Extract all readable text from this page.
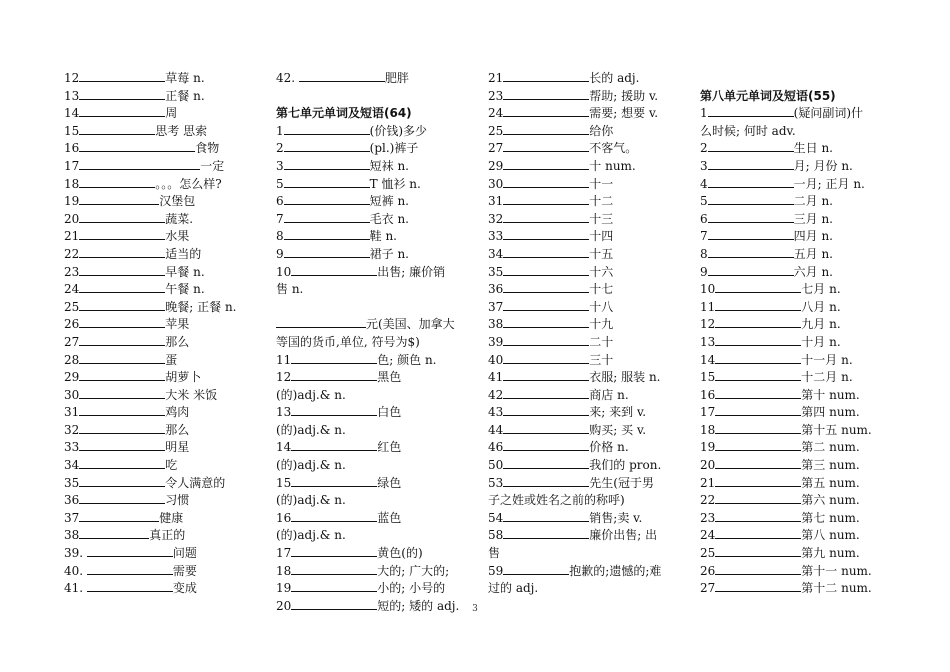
12	草莓 n.
13	正餐 n.
14	周
15	思考 思索
16	食物
17	一定
18	。。。怎么样?
19	汉堡包
20	蔬菜.
21	水果
22	适当的
23	早餐 n.
24	午餐 n.
25	晚餐; 正餐 n.
26	苹果
27	那么
28	蛋
29	胡萝卜
30	大米 米饭
31	鸡肉
32	那么
33	明星
34	吃
35	令人满意的
36	习惯
37	健康
38	真正的
39.	问题
40.	需要
41.	变成
42.	肥胖
第七单元单词及短语(64)
1	(价钱)多少
2	(pl.)裤子
3	短袜 n.
5	T 恤衫 n.
6	短裤 n.
7	毛衣 n.
8	鞋 n.
9	裙子 n.
10	出售; 廉价销
售 n.
元(美国、加拿大
等国的货币,单位, 符号为$)
11	色; 颜色 n.
12	黑色
(的)adj.& n.
13	白色
(的)adj.& n.
14	红色
(的)adj.& n.
15	绿色
(的)adj.& n.
16	蓝色
(的)adj.& n.
17	黄色(的)
18	大的; 广大的;
19	小的; 小号的
20	短的; 矮的 adj.
21	长的 adj.
23	帮助; 援助 v.
24	需要; 想要 v.
25	给你
27	不客气。
29	十 num.
30	十一
31	十二
32	十三
33	十四
34	十五
35	十六
36	十七
37	十八
38	十九
39	二十
40	三十
41	衣服; 服装 n.
42	商店 n.
43	来; 来到 v.
44	购买; 买 v.
46	价格 n.
50	我们的 pron.
53	先生(冠于男
子之姓或姓名之前的称呼)
54	销售;卖 v.
58	廉价出售; 出
售
59	抱歉的;遗憾的;难
过的 adj.
第八单元单词及短语(55)
1	(疑问副词)什
么时候; 何时 adv.
2	生日 n.
3	月; 月份 n.
4	一月; 正月 n.
5	二月 n.
6	三月 n.
7	四月 n.
8	五月 n.
9	六月 n.
10	七月 n.
11	八月 n.
12	九月 n.
13	十月 n.
14	十一月 n.
15	十二月 n.
16	第十 num.
17	第四 num.
18	第十五 num.
19	第二 num.
20	第三 num.
21	第五 num.
22	第六 num.
23	第七 num.
24	第八 num.
25	第九 num.
26	第十一 num.
27	第十二 num.
3
